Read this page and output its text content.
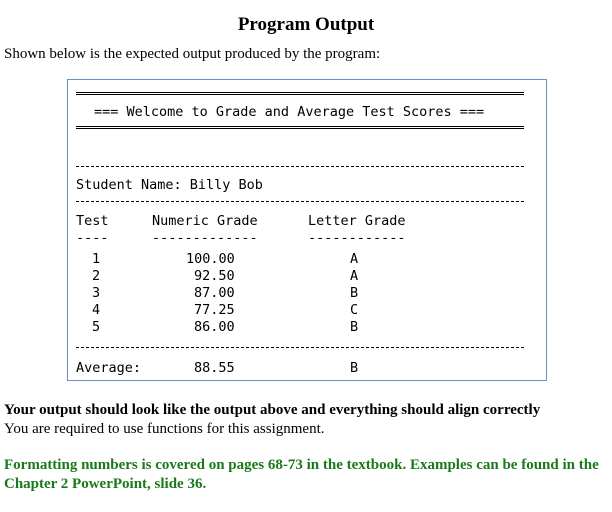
Program Output
Shown below is the expected output produced by the program:
=== Welcome to Grade and Average Test Scores ===
Student Name: Billy Bob
Test	Numeric Grade	Letter Grade
----	-------------	------------
1	100.00	A
2	92.50	A
3	87.00	B
4	77.25	C
5	86.00	B
Average:	88.55	B
Your output should look like the output above and everything should align correctly
You are required to use functions for this assignment.
Formatting numbers is covered on pages 68-73 in the textbook. Examples can be found in the Chapter 2 PowerPoint, slide 36.
